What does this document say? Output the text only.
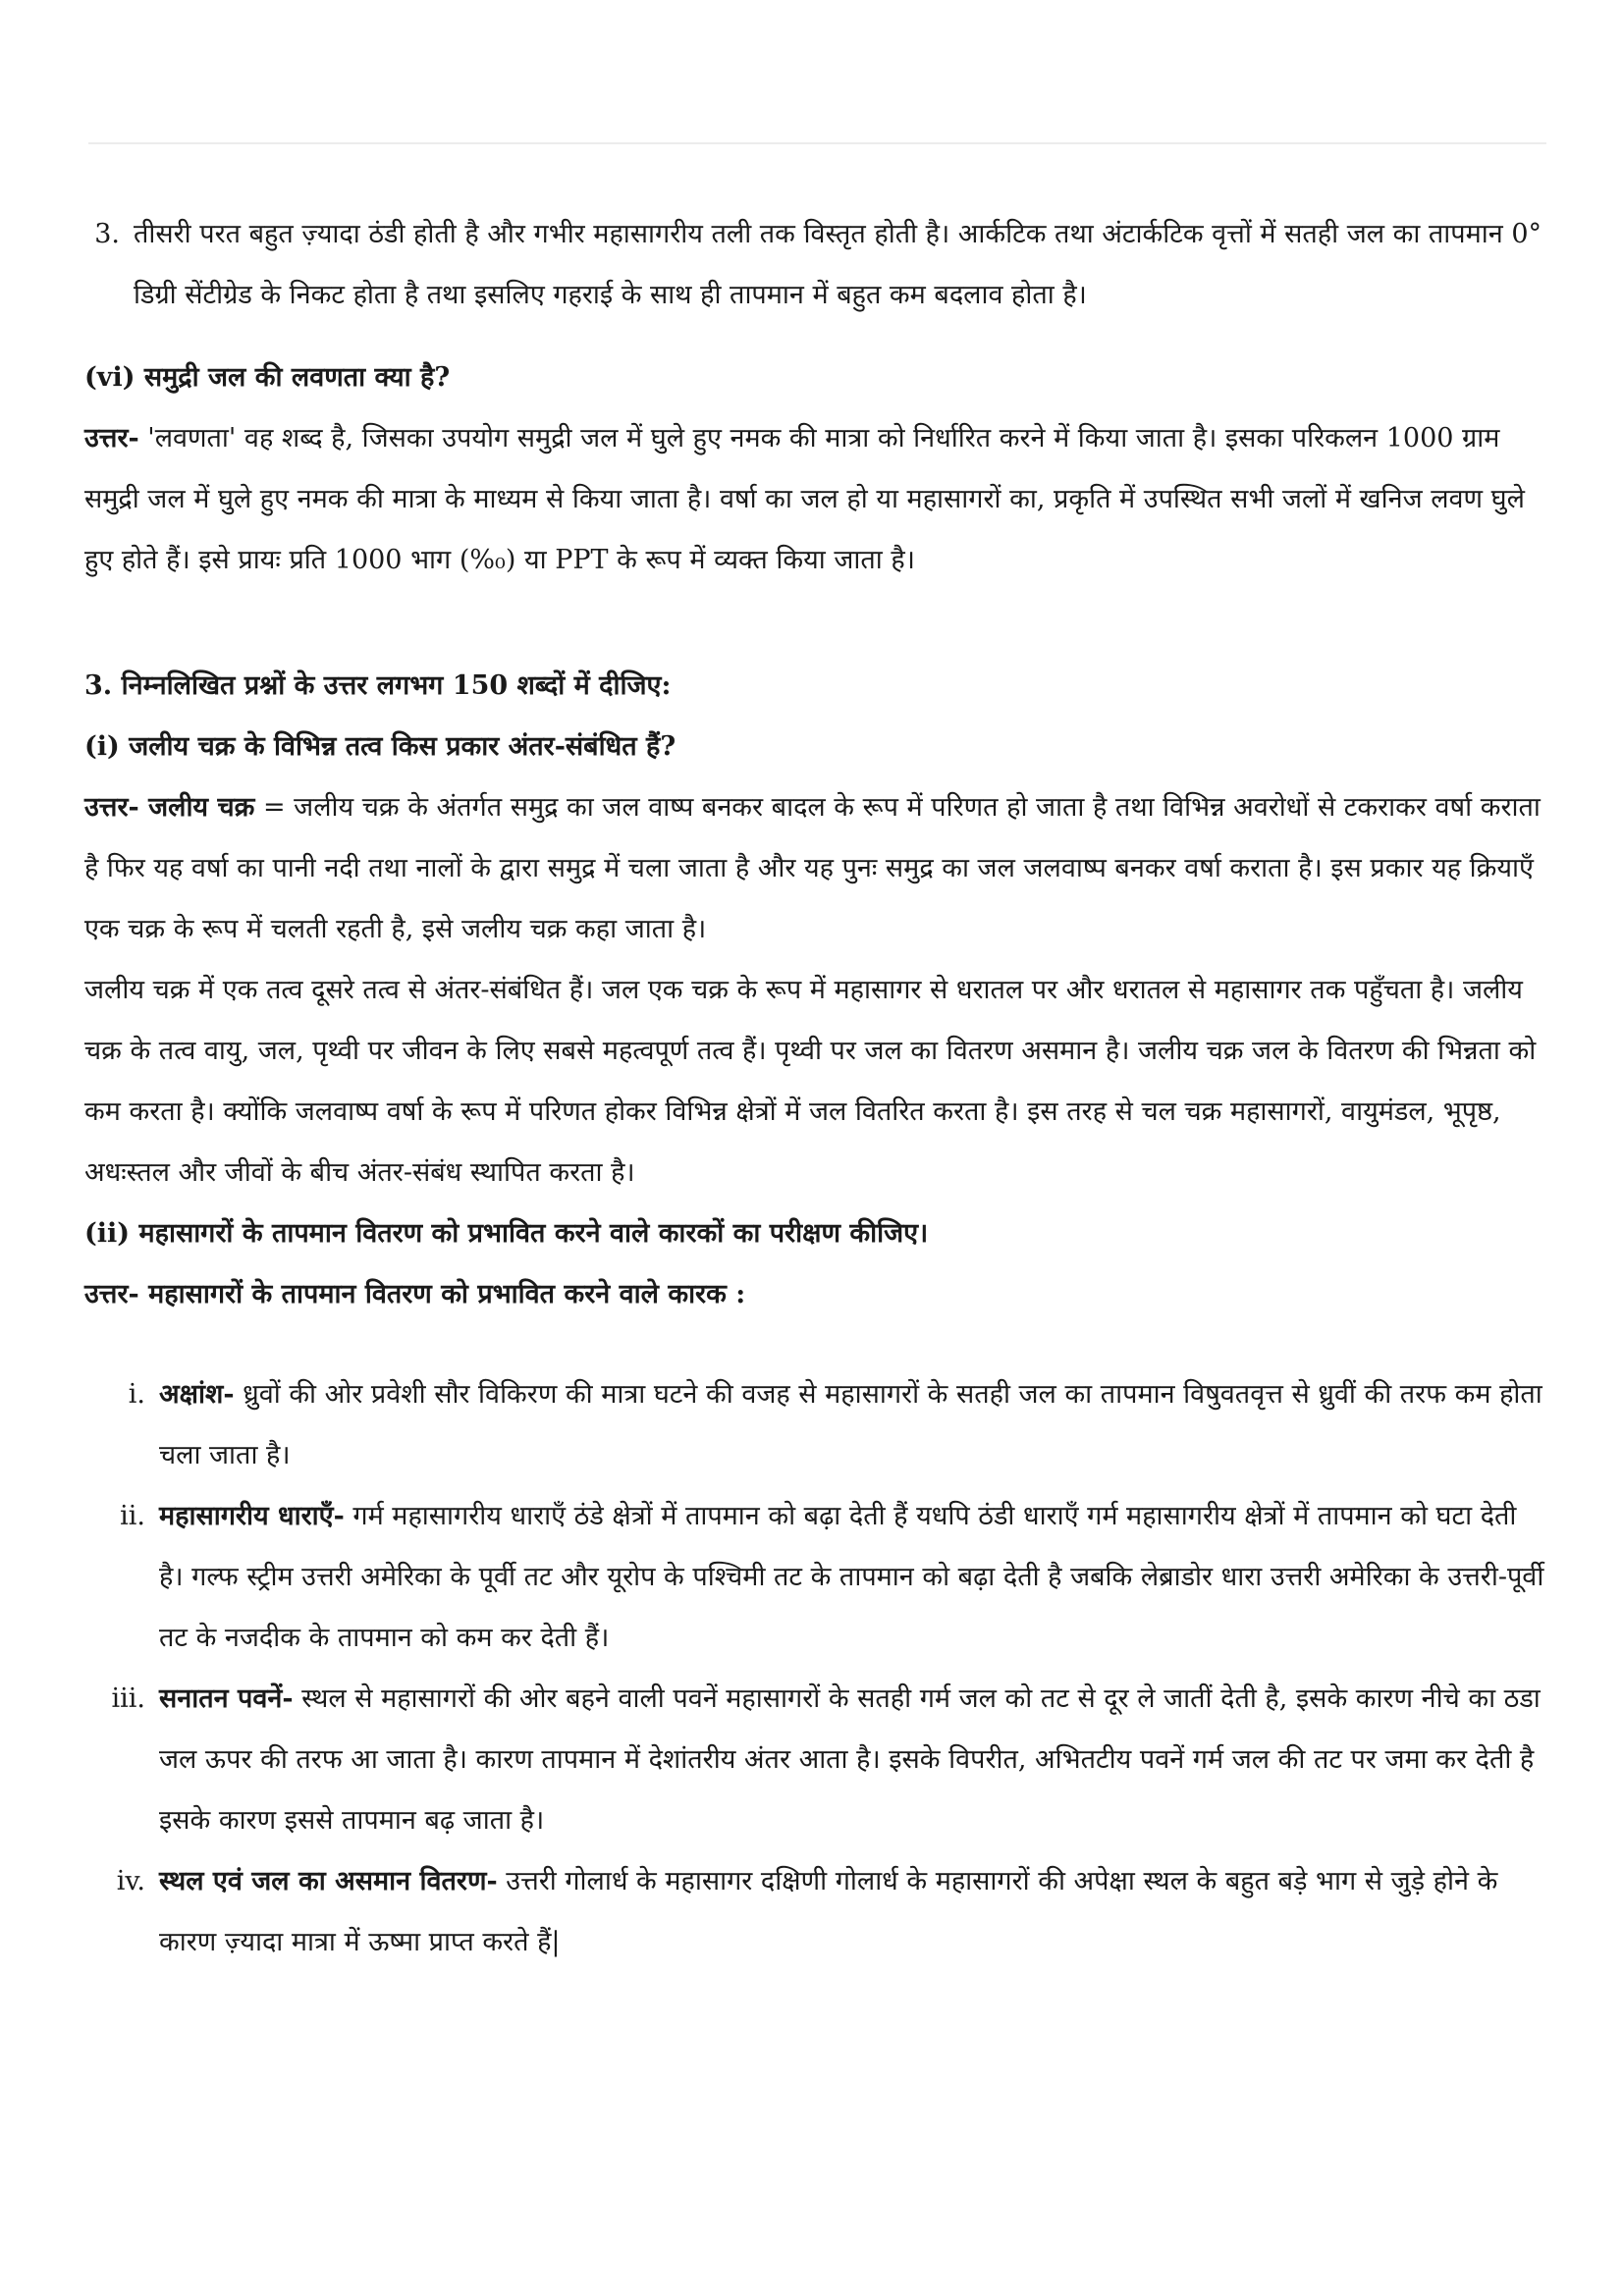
3. तीसरी परत बहुत ज़्यादा ठंडी होती है और गभीर महासागरीय तली तक विस्तृत होती है। आर्कटिक तथा अंटार्कटिक वृत्तों में सतही जल का तापमान 0° डिग्री सेंटीग्रेड के निकट होता है तथा इसलिए गहराई के साथ ही तापमान में बहुत कम बदलाव होता है।

(vi) समुद्री जल की लवणता क्या है?

उत्तर- 'लवणता' वह शब्द है, जिसका उपयोग समुद्री जल में घुले हुए नमक की मात्रा को निर्धारित करने में किया जाता है। इसका परिकलन 1000 ग्राम समुद्री जल में घुले हुए नमक की मात्रा के माध्यम से किया जाता है। वर्षा का जल हो या महासागरों का, प्रकृति में उपस्थित सभी जलों में खनिज लवण घुले हुए होते हैं। इसे प्रायः प्रति 1000 भाग (%₀) या PPT के रूप में व्यक्त किया जाता है।

3. निम्नलिखित प्रश्नों के उत्तर लगभग 150 शब्दों में दीजिए:

(i) जलीय चक्र के विभिन्न तत्व किस प्रकार अंतर-संबंधित हैं?

उत्तर- जलीय चक्र = जलीय चक्र के अंतर्गत समुद्र का जल वाष्प बनकर बादल के रूप में परिणत हो जाता है तथा विभिन्न अवरोधों से टकराकर वर्षा कराता है फिर यह वर्षा का पानी नदी तथा नालों के द्वारा समुद्र में चला जाता है और यह पुनः समुद्र का जल जलवाष्प बनकर वर्षा कराता है। इस प्रकार यह क्रियाएँ एक चक्र के रूप में चलती रहती है, इसे जलीय चक्र कहा जाता है।

जलीय चक्र में एक तत्व दूसरे तत्व से अंतर-संबंधित हैं। जल एक चक्र के रूप में महासागर से धरातल पर और धरातल से महासागर तक पहुँचता है। जलीय चक्र के तत्व वायु, जल, पृथ्वी पर जीवन के लिए सबसे महत्वपूर्ण तत्व हैं। पृथ्वी पर जल का वितरण असमान है। जलीय चक्र जल के वितरण की भिन्नता को कम करता है। क्योंकि जलवाष्प वर्षा के रूप में परिणत होकर विभिन्न क्षेत्रों में जल वितरित करता है। इस तरह से चल चक्र महासागरों, वायुमंडल, भूपृष्ठ, अधःस्तल और जीवों के बीच अंतर-संबंध स्थापित करता है।

(ii) महासागरों के तापमान वितरण को प्रभावित करने वाले कारकों का परीक्षण कीजिए।

उत्तर- महासागरों के तापमान वितरण को प्रभावित करने वाले कारक :

i. अक्षांश- ध्रुवों की ओर प्रवेशी सौर विकिरण की मात्रा घटने की वजह से महासागरों के सतही जल का तापमान विषुवतवृत्त से ध्रुवीं की तरफ कम होता चला जाता है।
ii. महासागरीय धाराएँ- गर्म महासागरीय धाराएँ ठंडे क्षेत्रों में तापमान को बढ़ा देती हैं यधपि ठंडी धाराएँ गर्म महासागरीय क्षेत्रों में तापमान को घटा देती है। गल्फ स्ट्रीम उत्तरी अमेरिका के पूर्वी तट और यूरोप के पश्चिमी तट के तापमान को बढ़ा देती है जबकि लेब्राडोर धारा उत्तरी अमेरिका के उत्तरी-पूर्वी तट के नजदीक के तापमान को कम कर देती हैं।
iii. सनातन पवनें- स्थल से महासागरों की ओर बहने वाली पवनें महासागरों के सतही गर्म जल को तट से दूर ले जातीं देती है, इसके कारण नीचे का ठडा जल ऊपर की तरफ आ जाता है। कारण तापमान में देशांतरीय अंतर आता है। इसके विपरीत, अभितटीय पवनें गर्म जल की तट पर जमा कर देती है इसके कारण इससे तापमान बढ़ जाता है।
iv. स्थल एवं जल का असमान वितरण- उत्तरी गोलार्ध के महासागर दक्षिणी गोलार्ध के महासागरों की अपेक्षा स्थल के बहुत बड़े भाग से जुड़े होने के कारण ज़्यादा मात्रा में ऊष्मा प्राप्त करते हैं|
